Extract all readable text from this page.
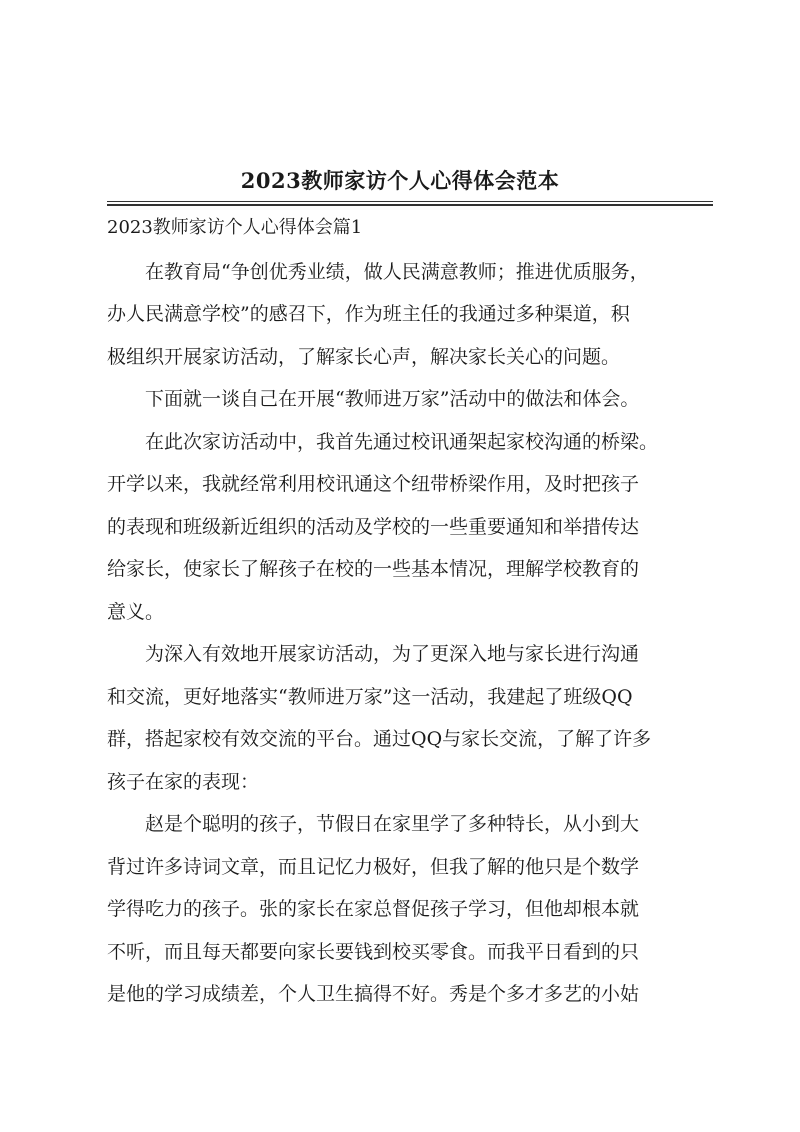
2023教师家访个人心得体会范本
2023教师家访个人心得体会篇1

　　在教育局“争创优秀业绩，做人民满意教师；推进优质服务，

办人民满意学校”的感召下，作为班主任的我通过多种渠道，积

极组织开展家访活动，了解家长心声，解决家长关心的问题。

　　下面就一谈自己在开展“教师进万家”活动中的做法和体会。

　　在此次家访活动中，我首先通过校讯通架起家校沟通的桥梁。

开学以来，我就经常利用校讯通这个纽带桥梁作用，及时把孩子

的表现和班级新近组织的活动及学校的一些重要通知和举措传达

给家长，使家长了解孩子在校的一些基本情况，理解学校教育的

意义。

　　为深入有效地开展家访活动，为了更深入地与家长进行沟通

和交流，更好地落实“教师进万家”这一活动，我建起了班级QQ

群，搭起家校有效交流的平台。通过QQ与家长交流，了解了许多

孩子在家的表现：

　　赵是个聪明的孩子，节假日在家里学了多种特长，从小到大

背过许多诗词文章，而且记忆力极好，但我了解的他只是个数学

学得吃力的孩子。张的家长在家总督促孩子学习，但他却根本就

不听，而且每天都要向家长要钱到校买零食。而我平日看到的只

是他的学习成绩差，个人卫生搞得不好。秀是个多才多艺的小姑
